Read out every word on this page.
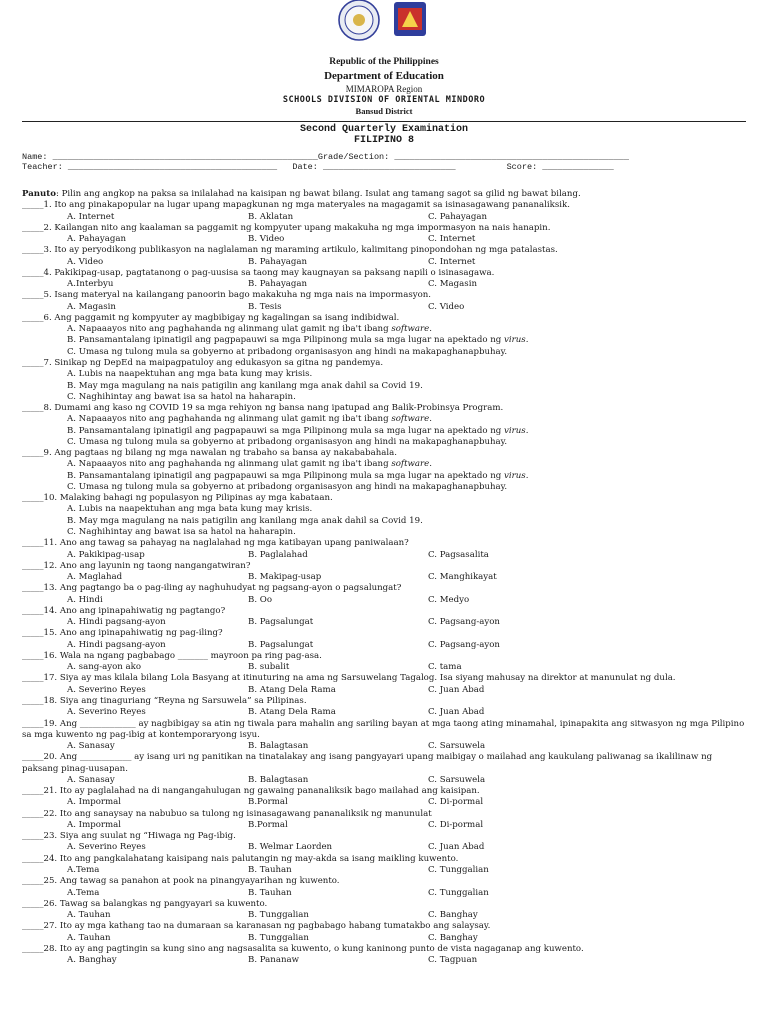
Republic of the Philippines
Department of Education
MIMAROPA Region
SCHOOLS DIVISION OF ORIENTAL MINDORO
Bansud District
Second Quarterly Examination
FILIPINO 8
Name: ____________________________________________________Grade/Section: ______________________________________________
Teacher: _________________________________________   Date: __________________________          Score: ______________
Panuto: Pilin ang angkop na paksa sa inilalahad na kaisipan ng bawat bilang. Isulat ang tamang sagot sa gilid ng bawat bilang.
_____1. Ito ang pinakapopular na lugar upang mapagkunan ng mga materyales na magagamit sa isinasagawang pananaliksik.
A. Internet	B. Aklatan	C. Pahayagan
_____2. Kailangan nito ang kaalaman sa paggamit ng kompyuter upang makakuha ng mga impormasyon na nais hanapin.
A. Pahayagan	B. Video	C. Internet
_____3. Ito ay peryodikong publikasyon na naglalaman ng maraming artikulo, kalimitang pinopondohan ng mga patalastas.
A. Video	B. Pahayagan	C. Internet
_____4. Pakikipag-usap, pagtatanong o pag-uusisa sa taong may kaugnayan sa paksang napili o isinasagawa.
A.Interbyu	B. Pahayagan	C. Magasin
_____5. Isang materyal na kailangang panoorin bago makakuha ng mga nais na impormasyon.
A. Magasin	B. Tesis	C. Video
_____6. Ang paggamit ng kompyuter ay magbibigay ng kagalingan sa isang indibidwal.
A. Napaaayos nito ang paghahanda ng alinmang ulat gamit ng iba't ibang software.
B. Pansamantalang ipinatigil ang pagpapauwi sa mga Pilipinong mula sa mga lugar na apektado ng virus.
C. Umasa ng tulong mula sa gobyerno at pribadong organisasyon ang hindi na makapaghanapbuhay.
_____7. Sinikap ng DepEd na maipagpatuloy ang edukasyon sa gitna ng pandemya.
A. Lubis na naapektuhan ang mga bata kung may krisis.
B. May mga magulang na nais patigilin ang kanilang mga anak dahil sa Covid 19.
C. Naghihintay ang bawat isa sa hatol na haharapin.
_____8. Dumami ang kaso ng COVID 19 sa mga rehiyon ng bansa nang ipatupad ang Balik-Probinsya Program.
A. Napaaayos nito ang paghahanda ng alinmang ulat gamit ng iba't ibang software.
B. Pansamantalang ipinatigil ang pagpapauwi sa mga Pilipinong mula sa mga lugar na apektado ng virus.
C. Umasa ng tulong mula sa gobyerno at pribadong organisasyon ang hindi na makapaghanapbuhay.
_____9. Ang pagtaas ng bilang ng mga nawalan ng trabaho sa bansa ay nakababahala.
A. Napaaayos nito ang paghahanda ng alinmang ulat gamit ng iba't ibang software.
B. Pansamantalang ipinatigil ang pagpapauwi sa mga Pilipinong mula sa mga lugar na apektado ng virus.
C. Umasa ng tulong mula sa gobyerno at pribadong organisasyon ang hindi na makapaghanapbuhay.
_____10. Malaking bahagi ng populasyon ng Pilipinas ay mga kabataan.
A. Lubis na naapektuhan ang mga bata kung may krisis.
B. May mga magulang na nais patigilin ang kanilang mga anak dahil sa Covid 19.
C. Naghihintay ang bawat isa sa hatol na haharapin.
_____11. Ano ang tawag sa pahayag na naglalahad ng mga katibayan upang paniwalaan?
A. Pakikipag-usap	B. Paglalahad	C. Pagsasalita
_____12. Ano ang layunin ng taong nangangatwiran?
A. Maglahad	B. Makipag-usap	C. Manghikayat
_____13. Ang pagtango ba o pag-iling ay naghuhudyat ng pagsang-ayon o pagsalungat?
A. Hindi	B. Oo	C. Medyo
_____14. Ano ang ipinapahiwatig ng pagtango?
A. Hindi pagsang-ayon	B. Pagsalungat	C. Pagsang-ayon
_____15. Ano ang ipinapahiwatig ng pag-iling?
A. Hindi pagsang-ayon	B. Pagsalungat	C. Pagsang-ayon
_____16. Wala na ngang pagbabago _______ mayroon pa ring pag-asa.
A. sang-ayon ako	B. subalit	C. tama
_____17. Siya ay mas kilala bilang Lola Basyang at itinuturing na ama ng Sarsuwelang Tagalog. Isa siyang mahusay na direktor at manunulat ng dula.
A. Severino Reyes	B. Atang Dela Rama	C. Juan Abad
_____18. Siya ang tinaguriang “Reyna ng Sarsuwela” sa Pilipinas.
A. Severino Reyes	B. Atang Dela Rama	C. Juan Abad
_____19. Ang _____________ ay nagbibigay sa atin ng tiwala para mahalin ang sariling bayan at mga taong ating minamahal, ipinapakita ang sitwasyon ng mga Pilipino sa mga kuwento ng pag-ibig at kontemporaryong isyu.
A. Sanasay	B. Balagtasan	C. Sarsuwela
_____20. Ang ____________ ay isang uri ng panitikan na tinatalakay ang isang pangyayari upang maibigay o mailahad ang kaukulang paliwanag sa ikalilinaw ng paksang pinag-uusapan.
A. Sanasay	B. Balagtasan	C. Sarsuwela
_____21. Ito ay paglalahad na di nangangahulugan ng gawaing pananaliksik bago mailahad ang kaisipan.
A. Impormal	B.Pormal	C. Di-pormal
_____22. Ito ang sanaysay na nabubuo sa tulong ng isinasagawang pananaliksik ng manunulat
A. Impormal	B.Pormal	C. Di-pormal
_____23. Siya ang suulat ng “Hiwaga ng Pag-ibig.
A. Severino Reyes	B. Welmar Laorden	C. Juan Abad
_____24. Ito ang pangkalahatang kaisipang nais palutangin ng may-akda sa isang maikling kuwento.
A.Tema	B. Tauhan	C. Tunggalian
_____25. Ang tawag sa panahon at pook na pinangyayarihan ng kuwento.
A.Tema	B. Tauhan	C. Tunggalian
_____26. Tawag sa balangkas ng pangyayari sa kuwento.
A. Tauhan	B. Tunggalian	C. Banghay
_____27. Ito ay mga kathang tao na dumaraan sa karanasan ng pagbabago habang tumatakbo ang salaysay.
A. Tauhan	B. Tunggalian	C. Banghay
_____28. Ito ay ang pagtingin sa kung sino ang nagsasalita sa kuwento, o kung kaninong punto de vista nagaganap ang kuwento.
A. Banghay	B. Pananaw	C. Tagpuan
